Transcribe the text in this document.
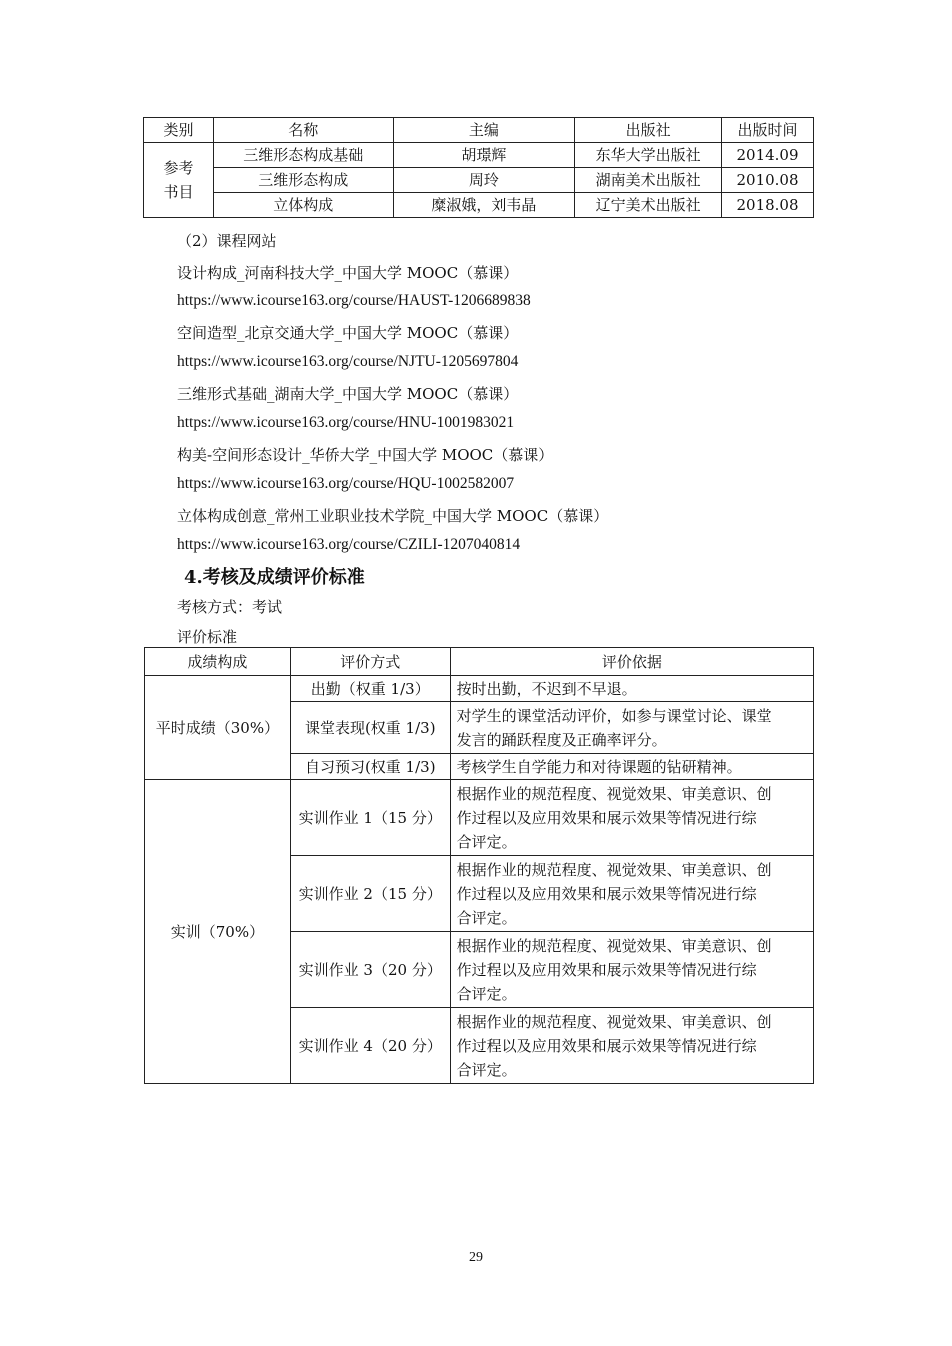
类别	名称	主编	出版社	出版时间
参考书目	三维形态构成基础	胡璟辉	东华大学出版社	2014.09
	三维形态构成	周玲	湖南美术出版社	2010.08
	立体构成	糜淑娥，刘韦晶	辽宁美术出版社	2018.08
（2）课程网站
设计构成_河南科技大学_中国大学 MOOC（慕课）
https://www.icourse163.org/course/HAUST-1206689838
空间造型_北京交通大学_中国大学 MOOC（慕课）
https://www.icourse163.org/course/NJTU-1205697804
三维形式基础_湖南大学_中国大学 MOOC（慕课）
https://www.icourse163.org/course/HNU-1001983021
构美-空间形态设计_华侨大学_中国大学 MOOC（慕课）
https://www.icourse163.org/course/HQU-1002582007
立体构成创意_常州工业职业技术学院_中国大学 MOOC（慕课）
https://www.icourse163.org/course/CZILI-1207040814
4.考核及成绩评价标准
考核方式：考试
评价标准
成绩构成	评价方式	评价依据
平时成绩（30%）	出勤（权重 1/3）	按时出勤，不迟到不早退。
	课堂表现(权重 1/3)	对学生的课堂活动评价，如参与课堂讨论、课堂
发言的踊跃程度及正确率评分。

	自习预习(权重 1/3)	考核学生自学能力和对待课题的钻研精神。
实训（70%）	实训作业 1（15 分）	根据作业的规范程度、视觉效果、审美意识、创
作过程以及应用效果和展示效果等情况进行综
合评定。

	实训作业 2（15 分）	根据作业的规范程度、视觉效果、审美意识、创
作过程以及应用效果和展示效果等情况进行综
合评定。

	实训作业 3（20 分）	根据作业的规范程度、视觉效果、审美意识、创
作过程以及应用效果和展示效果等情况进行综
合评定。

	实训作业 4（20 分）	根据作业的规范程度、视觉效果、审美意识、创
作过程以及应用效果和展示效果等情况进行综
合评定。
29
